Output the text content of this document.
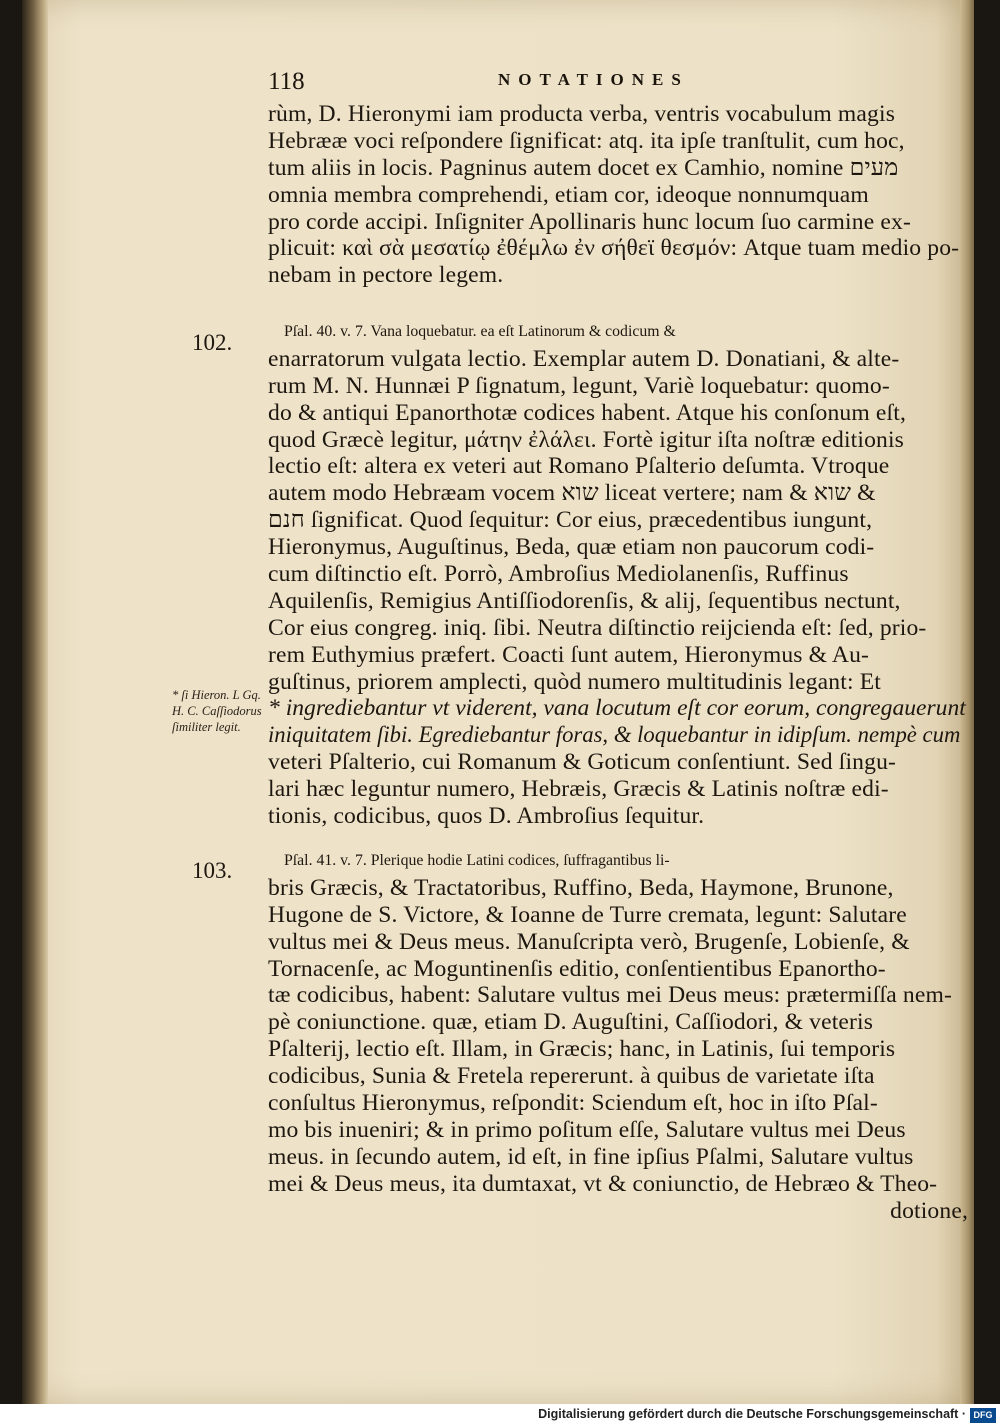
118	NOTATIONES
rùm, D. Hieronymi iam producta verba, ventris vocabulum magis
Hebrææ voci reſpondere ſignificat: atq. ita ipſe tranſtulit, cum hoc,
tum aliis in locis. Pagninus autem docet ex Camhio, nomine מעים
omnia membra comprehendi, etiam cor, ideoque nonnumquam
pro corde accipi. Inſigniter Apollinaris hunc locum ſuo carmine ex-
plicuit: καὶ σὰ μεσατίῳ ἐθέμλω ἐν σήθεϊ θεσμόν: Atque tuam medio po-
nebam in pectore legem.
102.	Pſal. 40. v. 7. Vana loquebatur. ea eſt Latinorum & codicum &
enarratorum vulgata lectio. Exemplar autem D. Donatiani, & alte-
rum M. N. Hunnæi P ſignatum, legunt, Variè loquebatur: quomo-
do & antiqui Epanorthotæ codices habent. Atque his conſonum eſt,
quod Græcè legitur, μάτην ἐλάλει. Fortè igitur iſta noſtræ editionis
lectio eſt: altera ex veteri aut Romano Pſalterio deſumta. Vtroque
autem modo Hebræam vocem שוא liceat vertere; nam & שוא &
חנם ſignificat. Quod ſequitur: Cor eius, præcedentibus iungunt,
Hieronymus, Auguſtinus, Beda, quæ etiam non paucorum codi-
cum diſtinctio eſt. Porrò, Ambroſius Mediolanenſis, Ruffinus
Aquilenſis, Remigius Antiſſiodorenſis, & alij, ſequentibus nectunt,
Cor eius congreg. iniq. ſibi. Neutra diſtinctio reijcienda eſt: ſed, prio-
rem Euthymius præfert. Coacti ſunt autem, Hieronymus & Au-
guſtinus, priorem amplecti, quòd numero multitudinis legant: Et
* ingrediebantur vt viderent, vana locutum eſt cor eorum, congregauerunt
iniquitatem ſibi. Egrediebantur foras, & loquebantur in idipſum. nempè cum
veteri Pſalterio, cui Romanum & Goticum conſentiunt. Sed ſingu-
lari hæc leguntur numero, Hebræis, Græcis & Latinis noſtræ edi-
tionis, codicibus, quos D. Ambroſius ſequitur.
* ſi Hieron. L Gq. H. C. Caſſiodorus ſimiliter legit.
103.	Pſal. 41. v. 7. Plerique hodie Latini codices, ſuffragantibus li-
bris Græcis, & Tractatoribus, Ruffino, Beda, Haymone, Brunone,
Hugone de S. Victore, & Ioanne de Turre cremata, legunt: Salutare
vultus mei & Deus meus. Manuſcripta verò, Brugenſe, Lobienſe, &
Tornacenſe, ac Moguntinenſis editio, conſentientibus Epanortho-
tæ codicibus, habent: Salutare vultus mei Deus meus: prætermiſſa nem-
pè coniunctione. quæ, etiam D. Auguſtini, Caſſiodori, & veteris
Pſalterij, lectio eſt. Illam, in Græcis; hanc, in Latinis, ſui temporis
codicibus, Sunia & Fretela repererunt. à quibus de varietate iſta
conſultus Hieronymus, reſpondit: Sciendum eſt, hoc in iſto Pſal-
mo bis inueniri; & in primo poſitum eſſe, Salutare vultus mei Deus
meus. in ſecundo autem, id eſt, in fine ipſius Pſalmi, Salutare vultus
mei & Deus meus, ita dumtaxat, vt & coniunctio, de Hebræo & Theo-
dotione,
Digitalisierung gefördert durch die Deutsche Forschungsgemeinschaft · DFG
